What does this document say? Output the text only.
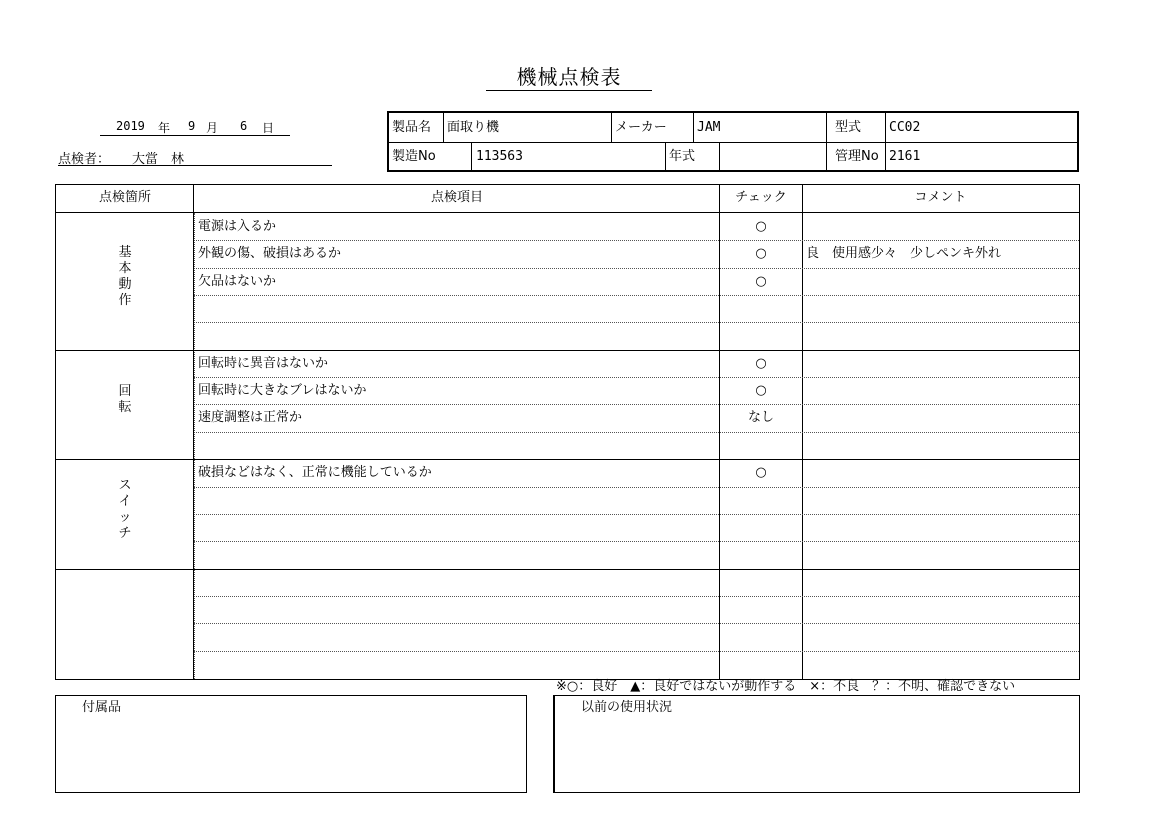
機械点検表
2019 年 9 月 6 日
点検者： 大當　林
製品名 面取り機	メーカー JAM	型式 CC02
製造No	113563	年式	管理No 2161
点検箇所	点検項目	チェック	コメント
基
本
動
作
電源は入るか	○
外観の傷、破損はあるか	○	良　使用感少々　少しペンキ外れ
欠品はないか	○
回
転
回転時に異音はないか	○
回転時に大きなブレはないか	○
速度調整は正常か	なし
ス
イ
ッ
チ
破損などはなく、正常に機能しているか	○
※○：良好　▲：良好ではないが動作する　×：不良　？：不明、確認できない
付属品	以前の使用状況
